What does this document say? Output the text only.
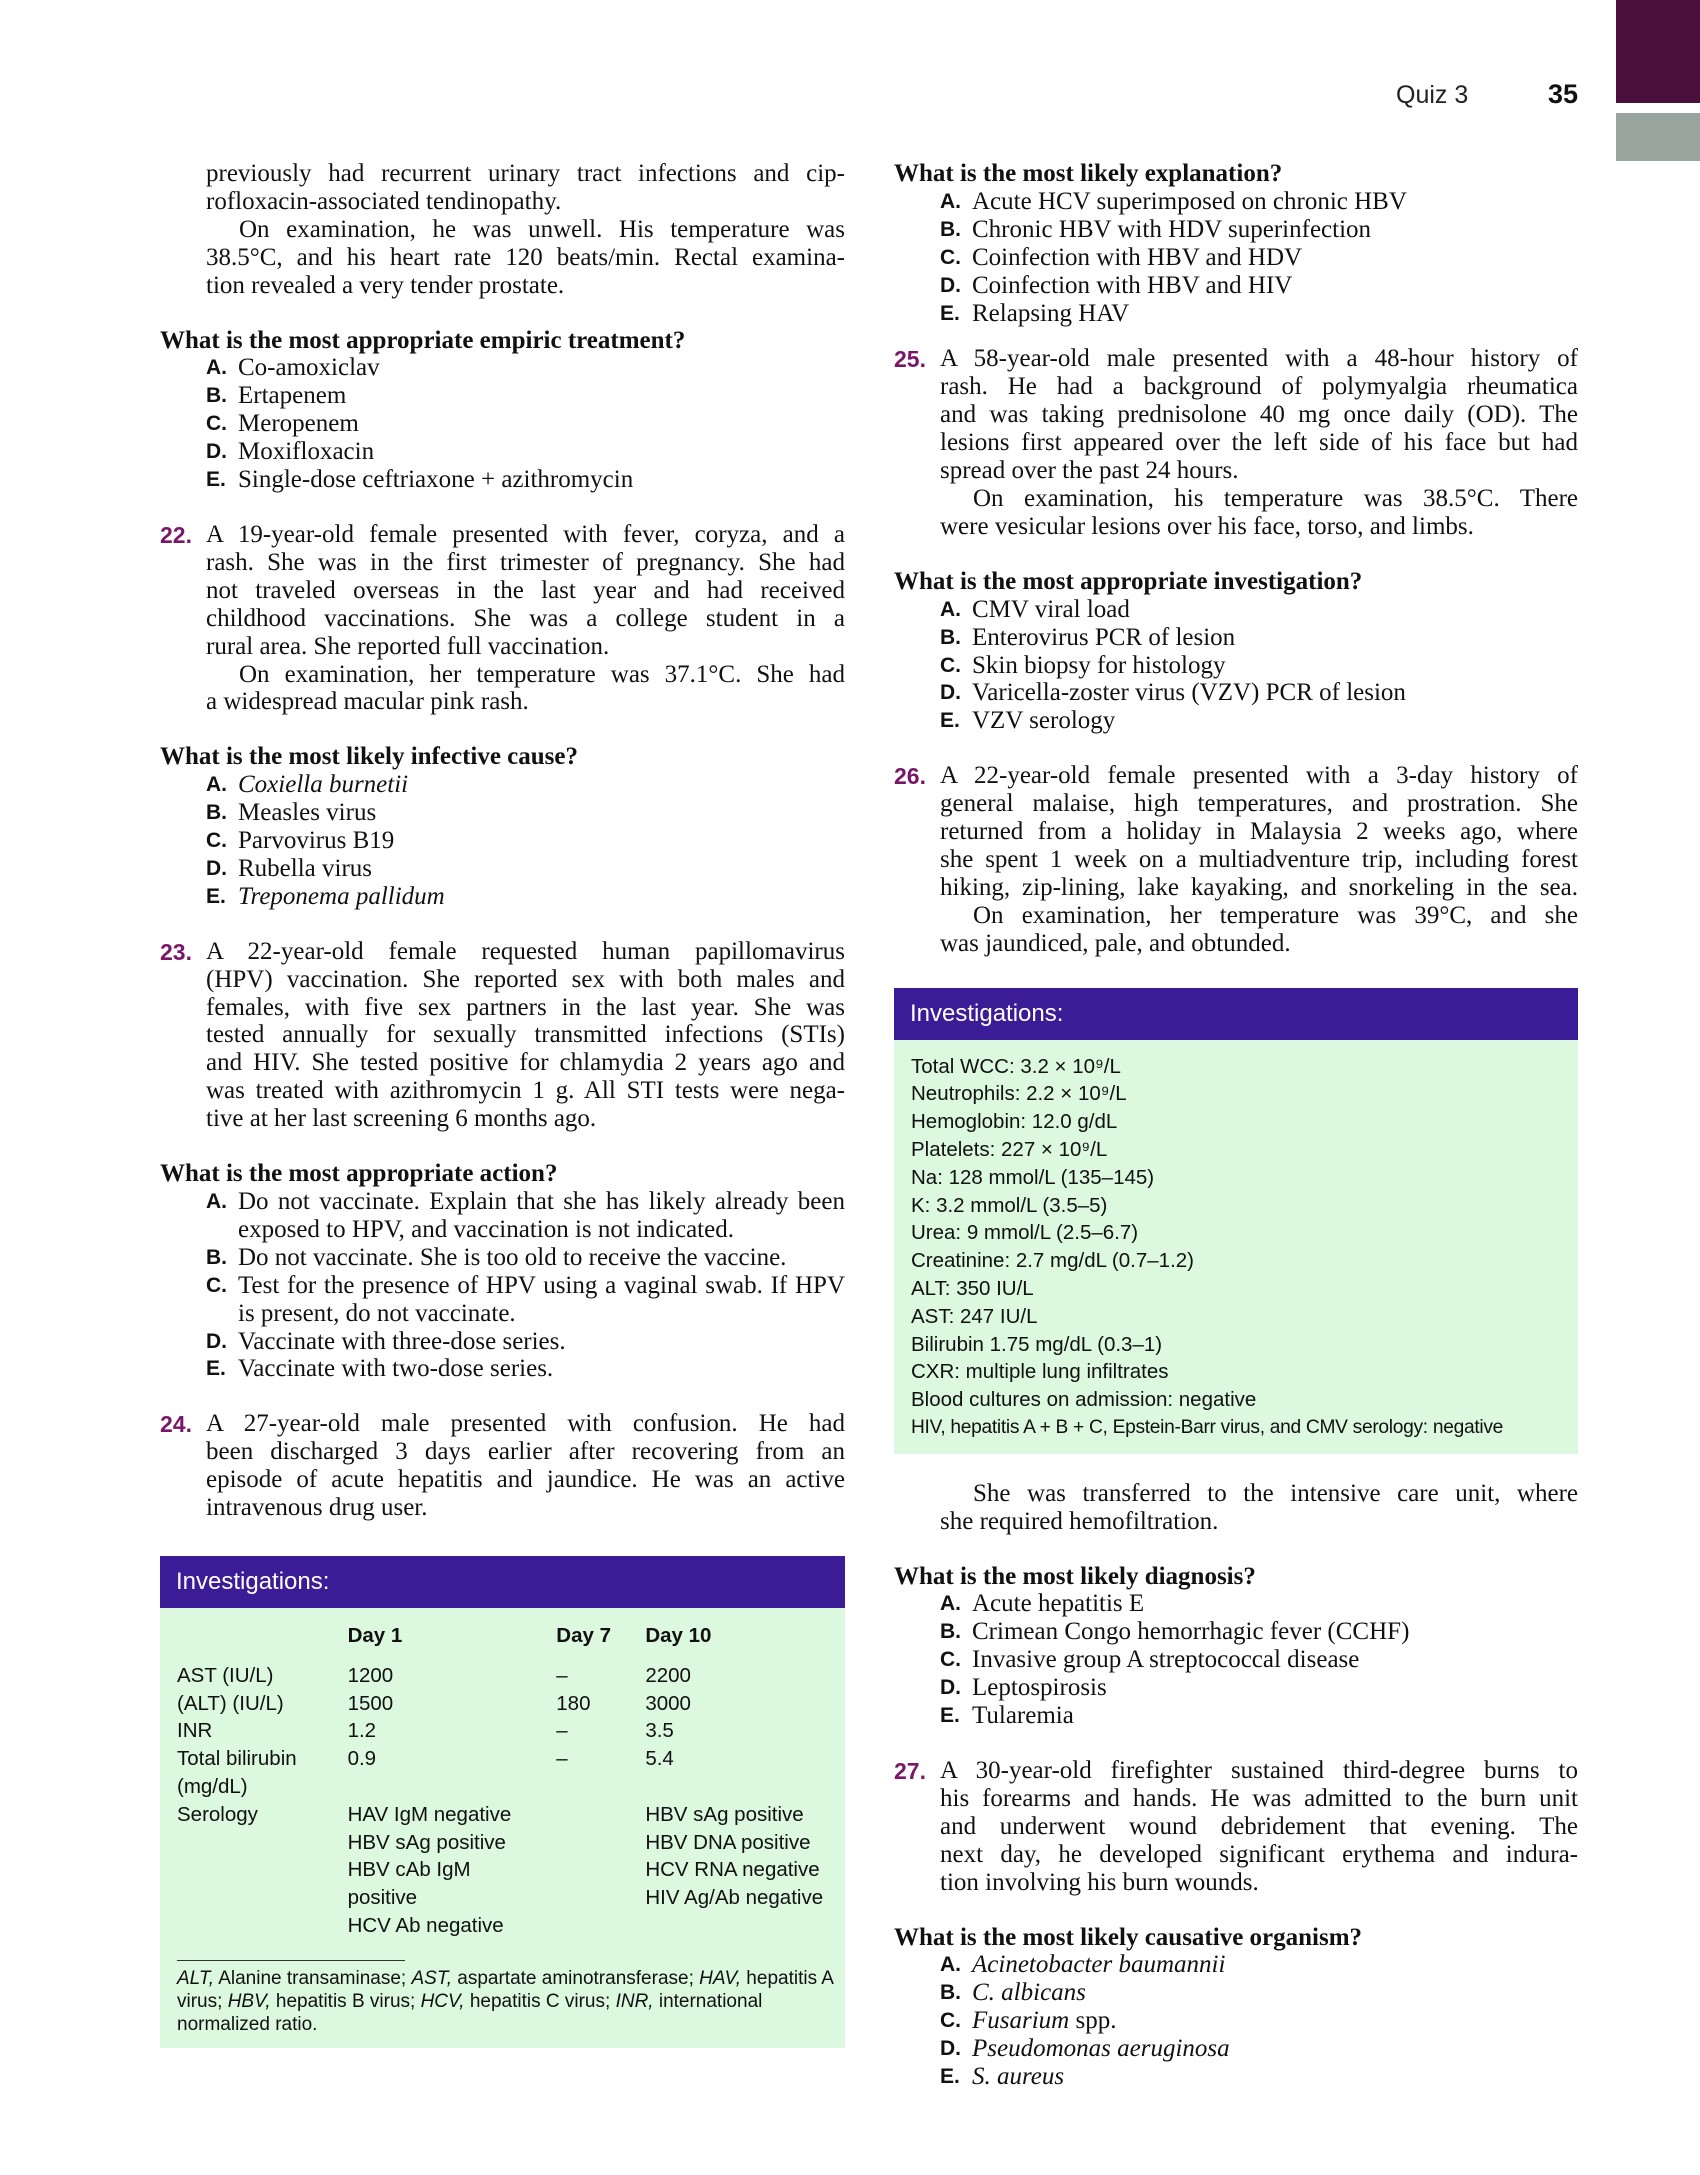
Quiz 3	35
previously had recurrent urinary tract infections and cip-
rofloxacin-associated tendinopathy.
On examination, he was unwell. His temperature was
38.5°C, and his heart rate 120 beats/min. Rectal examina-
tion revealed a very tender prostate.
What is the most appropriate empiric treatment?
A. Co-amoxiclav
B. Ertapenem
C. Meropenem
D. Moxifloxacin
E. Single-dose ceftriaxone + azithromycin
22. A 19-year-old female presented with fever, coryza, and a
rash. She was in the first trimester of pregnancy. She had
not traveled overseas in the last year and had received
childhood vaccinations. She was a college student in a
rural area. She reported full vaccination.
On examination, her temperature was 37.1°C. She had
a widespread macular pink rash.
What is the most likely infective cause?
A. Coxiella burnetii
B. Measles virus
C. Parvovirus B19
D. Rubella virus
E. Treponema pallidum
23. A 22-year-old female requested human papillomavirus
(HPV) vaccination. She reported sex with both males and
females, with five sex partners in the last year. She was
tested annually for sexually transmitted infections (STIs)
and HIV. She tested positive for chlamydia 2 years ago and
was treated with azithromycin 1 g. All STI tests were nega-
tive at her last screening 6 months ago.
What is the most appropriate action?
A. Do not vaccinate. Explain that she has likely already been exposed to HPV, and vaccination is not indicated.
B. Do not vaccinate. She is too old to receive the vaccine.
C. Test for the presence of HPV using a vaginal swab. If HPV is present, do not vaccinate.
D. Vaccinate with three-dose series.
E. Vaccinate with two-dose series.
24. A 27-year-old male presented with confusion. He had
been discharged 3 days earlier after recovering from an
episode of acute hepatitis and jaundice. He was an active
intravenous drug user.
Investigations:
	Day 1	Day 7	Day 10

AST (IU/L)	1200	–	2200
(ALT) (IU/L)	1500	180	3000
INR	1.2	–	3.5
Total bilirubin	0.9	–	5.4
(mg/dL)			
Serology	HAV IgM negative		HBV sAg positive
	HBV sAg positive		HBV DNA positive
	HBV cAb IgM		HCV RNA negative
	positive		HIV Ag/Ab negative
	HCV Ab negative		
ALT, Alanine transaminase; AST, aspartate aminotransferase; HAV, hepatitis A virus; HBV, hepatitis B virus; HCV, hepatitis C virus; INR, international normalized ratio.
What is the most likely explanation?
A. Acute HCV superimposed on chronic HBV
B. Chronic HBV with HDV superinfection
C. Coinfection with HBV and HDV
D. Coinfection with HBV and HIV
E. Relapsing HAV
25. A 58-year-old male presented with a 48-hour history of
rash. He had a background of polymyalgia rheumatica
and was taking prednisolone 40 mg once daily (OD). The
lesions first appeared over the left side of his face but had
spread over the past 24 hours.
On examination, his temperature was 38.5°C. There
were vesicular lesions over his face, torso, and limbs.
What is the most appropriate investigation?
A. CMV viral load
B. Enterovirus PCR of lesion
C. Skin biopsy for histology
D. Varicella-zoster virus (VZV) PCR of lesion
E. VZV serology
26. A 22-year-old female presented with a 3-day history of
general malaise, high temperatures, and prostration. She
returned from a holiday in Malaysia 2 weeks ago, where
she spent 1 week on a multiadventure trip, including forest
hiking, zip-lining, lake kayaking, and snorkeling in the sea.
On examination, her temperature was 39°C, and she
was jaundiced, pale, and obtunded.
Investigations:
Total WCC: 3.2 × 10⁹/L
Neutrophils: 2.2 × 10⁹/L
Hemoglobin: 12.0 g/dL
Platelets: 227 × 10⁹/L
Na: 128 mmol/L (135–145)
K: 3.2 mmol/L (3.5–5)
Urea: 9 mmol/L (2.5–6.7)
Creatinine: 2.7 mg/dL (0.7–1.2)
ALT: 350 IU/L
AST: 247 IU/L
Bilirubin 1.75 mg/dL (0.3–1)
CXR: multiple lung infiltrates
Blood cultures on admission: negative
HIV, hepatitis A + B + C, Epstein-Barr virus, and CMV serology: negative
She was transferred to the intensive care unit, where
she required hemofiltration.
What is the most likely diagnosis?
A. Acute hepatitis E
B. Crimean Congo hemorrhagic fever (CCHF)
C. Invasive group A streptococcal disease
D. Leptospirosis
E. Tularemia
27. A 30-year-old firefighter sustained third-degree burns to
his forearms and hands. He was admitted to the burn unit
and underwent wound debridement that evening. The
next day, he developed significant erythema and indura-
tion involving his burn wounds.
What is the most likely causative organism?
A. Acinetobacter baumannii
B. C. albicans
C. Fusarium spp.
D. Pseudomonas aeruginosa
E. S. aureus
